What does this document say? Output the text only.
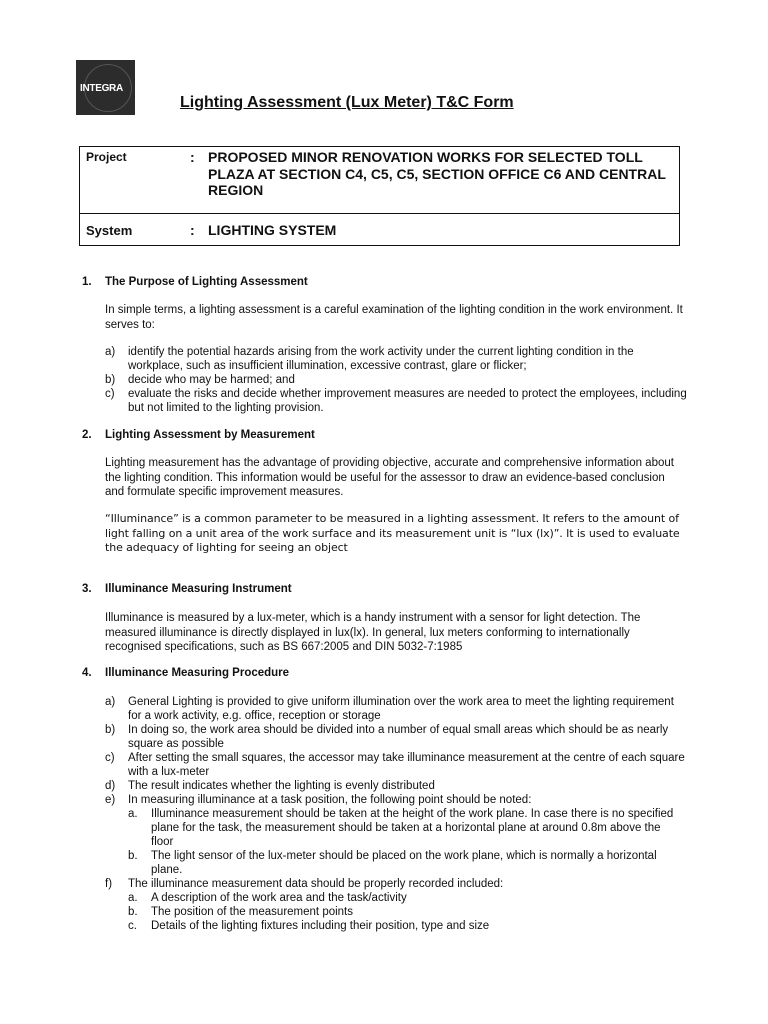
INTEGRA
Lighting Assessment (Lux Meter) T&C Form
Project	: PROPOSED MINOR RENOVATION WORKS FOR SELECTED TOLL PLAZA AT SECTION C4, C5, C5, SECTION OFFICE C6 AND CENTRAL REGION
System	: LIGHTING SYSTEM
1. The Purpose of Lighting Assessment
In simple terms, a lighting assessment is a careful examination of the lighting condition in the work environment. It serves to:
a) identify the potential hazards arising from the work activity under the current lighting condition in the workplace, such as insufficient illumination, excessive contrast, glare or flicker;
b) decide who may be harmed; and
c) evaluate the risks and decide whether improvement measures are needed to protect the employees, including but not limited to the lighting provision.
2. Lighting Assessment by Measurement
Lighting measurement has the advantage of providing objective, accurate and comprehensive information about the lighting condition. This information would be useful for the assessor to draw an evidence-based conclusion and formulate specific improvement measures.
“Illuminance” is a common parameter to be measured in a lighting assessment. It refers to the amount of light falling on a unit area of the work surface and its measurement unit is “lux (lx)”. It is used to evaluate the adequacy of lighting for seeing an object
3. Illuminance Measuring Instrument
Illuminance is measured by a lux-meter, which is a handy instrument with a sensor for light detection. The measured illuminance is directly displayed in lux(lx). In general, lux meters conforming to internationally recognised specifications, such as BS 667:2005 and DIN 5032-7:1985
4. Illuminance Measuring Procedure
a) General Lighting is provided to give uniform illumination over the work area to meet the lighting requirement for a work activity, e.g. office, reception or storage
b) In doing so, the work area should be divided into a number of equal small areas which should be as nearly square as possible
c) After setting the small squares, the accessor may take illuminance measurement at the centre of each square with a lux-meter
d) The result indicates whether the lighting is evenly distributed
e) In measuring illuminance at a task position, the following point should be noted:
a. Illuminance measurement should be taken at the height of the work plane. In case there is no specified plane for the task, the measurement should be taken at a horizontal plane at around 0.8m above the floor
b. The light sensor of the lux-meter should be placed on the work plane, which is normally a horizontal plane.
f) The illuminance measurement data should be properly recorded included:
a. A description of the work area and the task/activity
b. The position of the measurement points
c. Details of the lighting fixtures including their position, type and size
